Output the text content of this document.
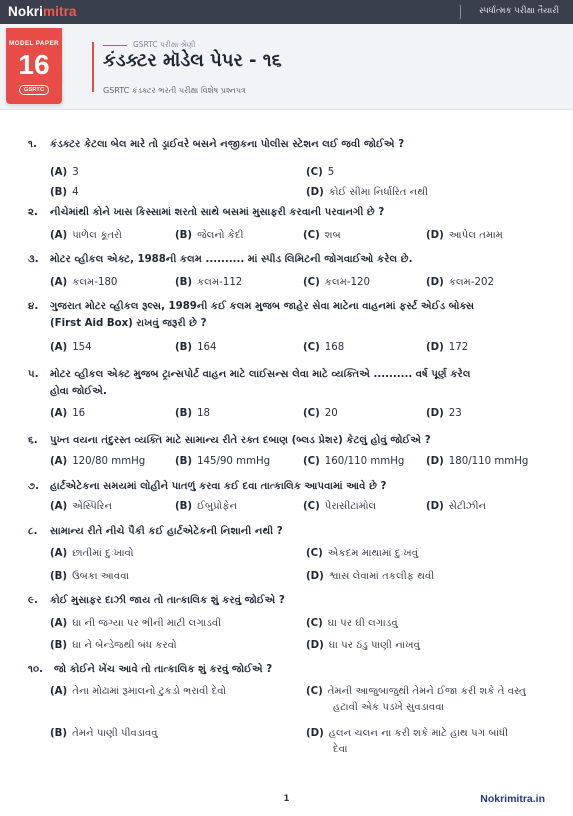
Nokrimitra	સ્પર્ધાત્મક પરીક્ષા તૈયારી
GSRTC પરીક્ષા શ્રેણી
કંડક્ટર મૉડેલ પેપર - ૧૬
GSRTC કંડક્ટર ભરતી પરીક્ષા વિશેષ પ્રશ્નપત્ર
MODEL PAPER
16
GSRTC
૧. કંડક્ટર કેટલા બેલ મારે તો ડ્રાઈવરે બસને નજીકના પોલીસ સ્ટેશન લઈ જવી જોઈએ ?
(A) 3
(B) 4
(C) 5
(D) કોઈ સીમા નિર્ધારિત નથી
૨. નીચેમાંથી કોને ખાસ કિસ્સામાં શરતો સાથે બસમાં મુસાફરી કરવાની પરવાનગી છે ?
(A) પાળેલ કૂતરો	(B) જેલનો કેદી	(C) શબ	(D) આપેલ તમામ
૩. મોટર વ્હીકલ એક્ટ, 1988ની કલમ .......... માં સ્પીડ લિમિટની જોગવાઈઓ કરેલ છે.
(A) કલમ-180	(B) કલમ-112	(C) કલમ-120	(D) કલમ-202
૪. ગુજરાત મોટર વ્હીકલ રૂલ્સ, 1989ની કઈ કલમ મુજબ જાહેર સેવા માટેના વાહનમાં ફર્સ્ટ એઈડ બોક્સ
(First Aid Box) રાખવું જરૂરી છે ?
(A) 154	(B) 164	(C) 168	(D) 172
૫. મોટર વ્હીકલ એક્ટ મુજબ ટ્રાન્સપોર્ટ વાહન માટે લાઈસન્સ લેવા માટે વ્યક્તિએ .......... વર્ષ પૂર્ણ કરેલ
હોવા જોઈએ.
(A) 16	(B) 18	(C) 20	(D) 23
૬. પુખ્ત વયના તંદુરસ્ત વ્યક્તિ માટે સામાન્ય રીતે રક્ત દબાણ (બ્લડ પ્રેશર) કેટલું હોવું જોઈએ ?
(A) 120/80 mmHg	(B) 145/90 mmHg	(C) 160/110 mmHg (D) 180/110 mmHg
૭. હાર્ટએટેકના સમયમાં લોહીને પાતળું કરવા કઈ દવા તાત્કાલિક આપવામાં આવે છે ?
(A) એસ્પિરિન	(B) ઈબુપ્રોફેન	(C) પેરાસીટામોલ	(D) સેટીઝીન
૮. સામાન્ય રીતે નીચે પૈકી કઈ હાર્ટએટેકની નિશાની નથી ?
(A) છાતીમાં દુઃખાવો
(B) ઉબકા આવવા
(C) એકદમ માથામાં દુઃખવું
(D) શ્વાસ લેવામાં તકલીફ થવી
૯. કોઈ મુસાફર દાઝી જાય તો તાત્કાલિક શું કરવું જોઈએ ?
(A) ઘા ની જગ્યા પર ભીની માટી લગાડવી
(B) ઘા ને બેન્ડેજથી બંધ કરવો
(C) ઘા પર ઘી લગાડવું
(D) ઘા પર ઠંડુ પાણી નાખવું
૧૦. જો કોઈને ખેંચ આવે તો તાત્કાલિક શું કરવું જોઈએ ?
(A) તેના મોઢામાં રૂમાલનો ટુકડો ભરાવી દેવો
(B) તેમને પાણી પીવડાવવું
(C) તેમની આજુબાજુથી તેમને ઈજા કરી શકે તે વસ્તુ
હટાવી એક પડખે સુવડાવવા
(D) હલન ચલન ના કરી શકે માટે હાથ પગ બાંધી
દેવા
1	Nokrimitra.in
